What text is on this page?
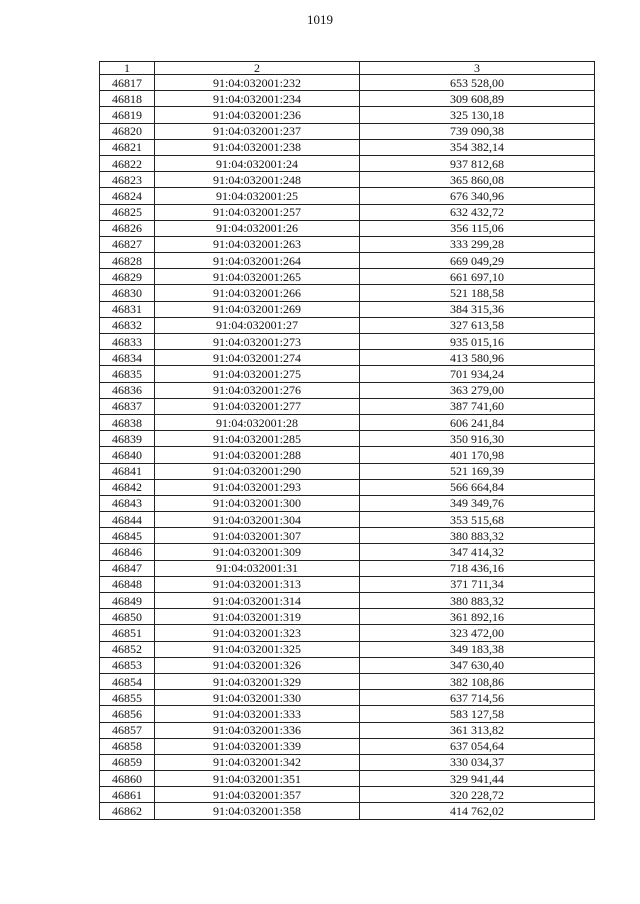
1019
1	2	3
46817	91:04:032001:232	653 528,00
46818	91:04:032001:234	309 608,89
46819	91:04:032001:236	325 130,18
46820	91:04:032001:237	739 090,38
46821	91:04:032001:238	354 382,14
46822	91:04:032001:24	937 812,68
46823	91:04:032001:248	365 860,08
46824	91:04:032001:25	676 340,96
46825	91:04:032001:257	632 432,72
46826	91:04:032001:26	356 115,06
46827	91:04:032001:263	333 299,28
46828	91:04:032001:264	669 049,29
46829	91:04:032001:265	661 697,10
46830	91:04:032001:266	521 188,58
46831	91:04:032001:269	384 315,36
46832	91:04:032001:27	327 613,58
46833	91:04:032001:273	935 015,16
46834	91:04:032001:274	413 580,96
46835	91:04:032001:275	701 934,24
46836	91:04:032001:276	363 279,00
46837	91:04:032001:277	387 741,60
46838	91:04:032001:28	606 241,84
46839	91:04:032001:285	350 916,30
46840	91:04:032001:288	401 170,98
46841	91:04:032001:290	521 169,39
46842	91:04:032001:293	566 664,84
46843	91:04:032001:300	349 349,76
46844	91:04:032001:304	353 515,68
46845	91:04:032001:307	380 883,32
46846	91:04:032001:309	347 414,32
46847	91:04:032001:31	718 436,16
46848	91:04:032001:313	371 711,34
46849	91:04:032001:314	380 883,32
46850	91:04:032001:319	361 892,16
46851	91:04:032001:323	323 472,00
46852	91:04:032001:325	349 183,38
46853	91:04:032001:326	347 630,40
46854	91:04:032001:329	382 108,86
46855	91:04:032001:330	637 714,56
46856	91:04:032001:333	583 127,58
46857	91:04:032001:336	361 313,82
46858	91:04:032001:339	637 054,64
46859	91:04:032001:342	330 034,37
46860	91:04:032001:351	329 941,44
46861	91:04:032001:357	320 228,72
46862	91:04:032001:358	414 762,02
